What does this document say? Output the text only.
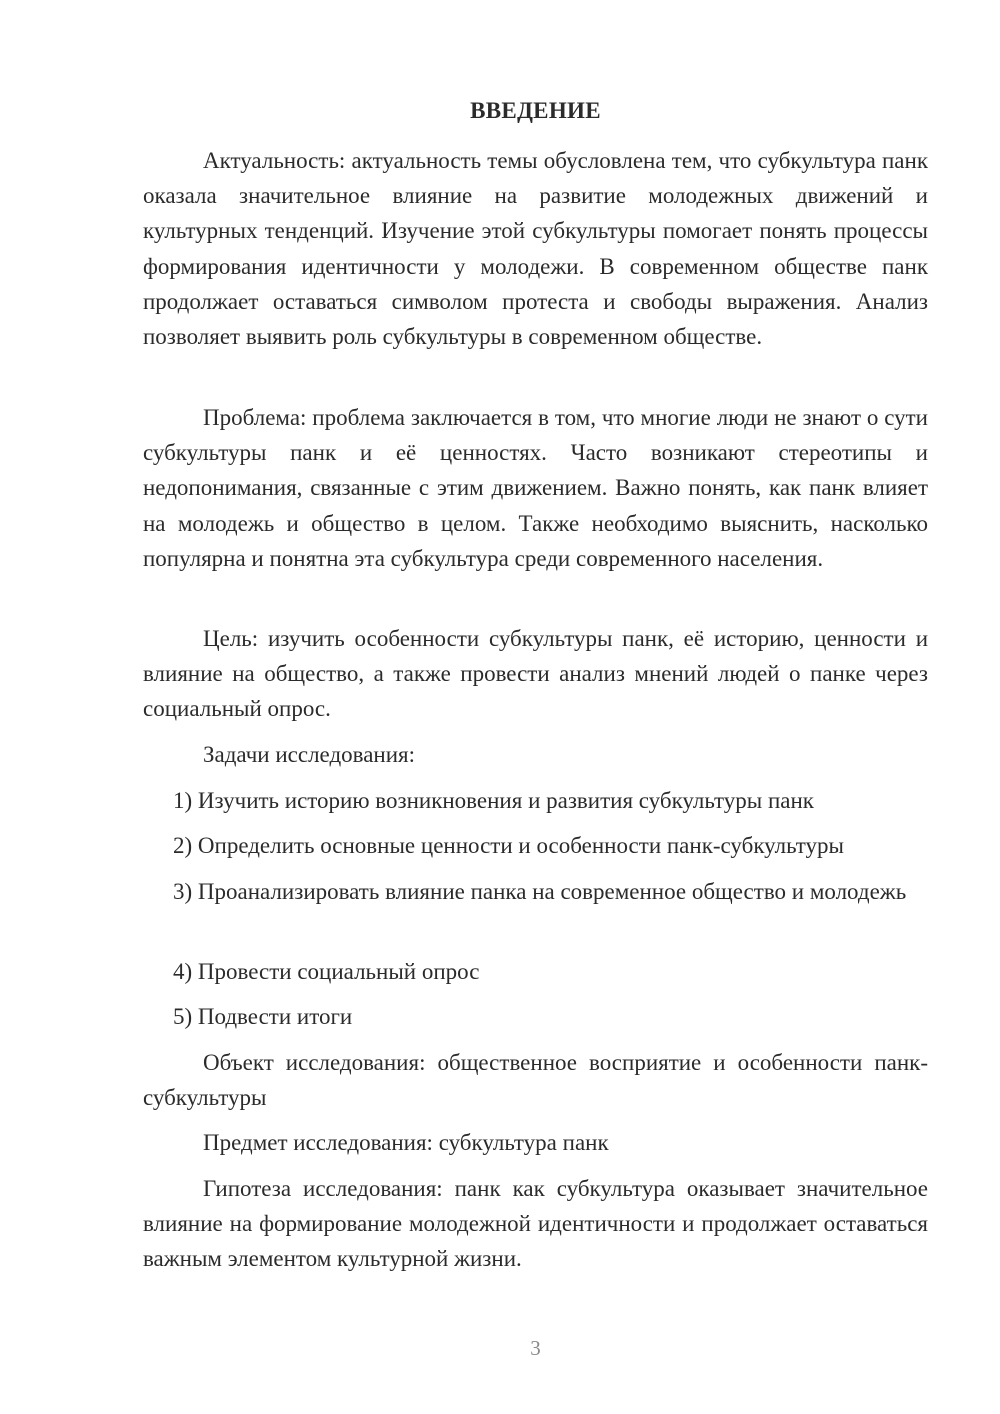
ВВЕДЕНИЕ

Актуальность: актуальность темы обусловлена тем, что субкультура панк оказала значительное влияние на развитие молодежных движений и культурных тенденций. Изучение этой субкультуры помогает понять процессы формирования идентичности у молодежи. В современном обществе панк продолжает оставаться символом протеста и свободы выражения. Анализ позволяет выявить роль субкультуры в современном обществе.

Проблема: проблема заключается в том, что многие люди не знают о сути субкультуры панк и её ценностях. Часто возникают стереотипы и недопонимания, связанные с этим движением. Важно понять, как панк влияет на молодежь и общество в целом. Также необходимо выяснить, насколько популярна и понятна эта субкультура среди современного населения.

Цель: изучить особенности субкультуры панк, её историю, ценности и влияние на общество, а также провести анализ мнений людей о панке через социальный опрос.

Задачи исследования:

1) Изучить историю возникновения и развития субкультуры панк

2) Определить основные ценности и особенности панк-субкультуры

3) Проанализировать влияние панка на современное общество и молодежь

4) Провести социальный опрос

5) Подвести итоги

Объект исследования: общественное восприятие и особенности панк-субкультуры

Предмет исследования: субкультура панк

Гипотеза исследования: панк как субкультура оказывает значительное влияние на формирование молодежной идентичности и продолжает оставаться важным элементом культурной жизни.

3
